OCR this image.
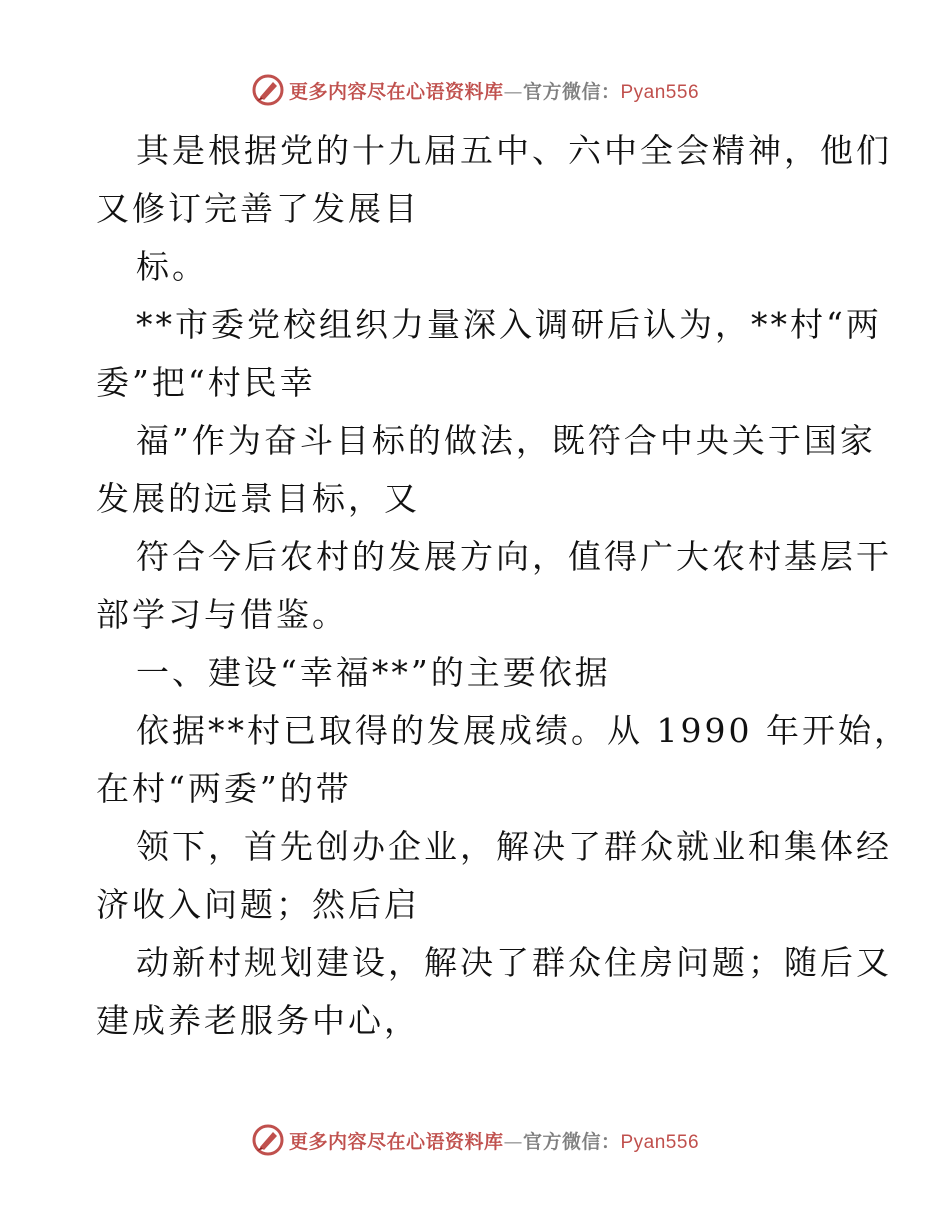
更多内容尽在心语资料库—官方微信：Pyan556
其是根据党的十九届五中、六中全会精神，他们
又修订完善了发展目
标。
**市委党校组织力量深入调研后认为，**村“两
委”把“村民幸
福”作为奋斗目标的做法，既符合中央关于国家
发展的远景目标，又
符合今后农村的发展方向，值得广大农村基层干
部学习与借鉴。
一、建设“幸福**”的主要依据
依据**村已取得的发展成绩。从 1990 年开始，
在村“两委”的带
领下，首先创办企业，解决了群众就业和集体经
济收入问题；然后启
动新村规划建设，解决了群众住房问题；随后又
建成养老服务中心，
更多内容尽在心语资料库—官方微信：Pyan556
